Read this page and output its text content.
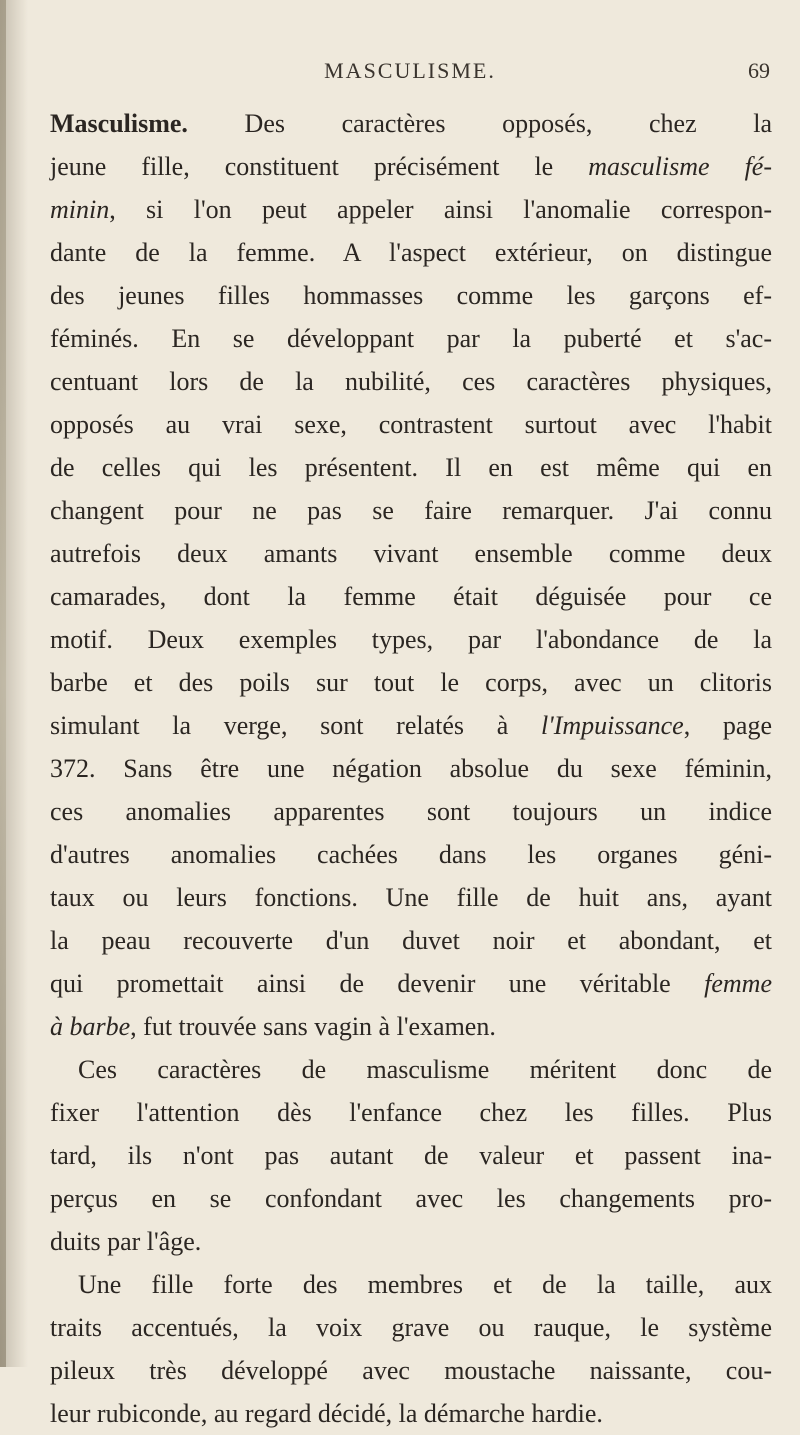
MASCULISME.	69
Masculisme. Des caractères opposés, chez la
jeune fille, constituent précisément le masculisme fé-
minin, si l'on peut appeler ainsi l'anomalie correspon-
dante de la femme. A l'aspect extérieur, on distingue
des jeunes filles hommasses comme les garçons ef-
féminés. En se développant par la puberté et s'ac-
centuant lors de la nubilité, ces caractères physiques,
opposés au vrai sexe, contrastent surtout avec l'habit
de celles qui les présentent. Il en est même qui en
changent pour ne pas se faire remarquer. J'ai connu
autrefois deux amants vivant ensemble comme deux
camarades, dont la femme était déguisée pour ce
motif. Deux exemples types, par l'abondance de la
barbe et des poils sur tout le corps, avec un clitoris
simulant la verge, sont relatés à l'Impuissance, page
372. Sans être une négation absolue du sexe féminin,
ces anomalies apparentes sont toujours un indice
d'autres anomalies cachées dans les organes géni-
taux ou leurs fonctions. Une fille de huit ans, ayant
la peau recouverte d'un duvet noir et abondant, et
qui promettait ainsi de devenir une véritable femme
à barbe, fut trouvée sans vagin à l'examen.
Ces caractères de masculisme méritent donc de
fixer l'attention dès l'enfance chez les filles. Plus
tard, ils n'ont pas autant de valeur et passent ina-
perçus en se confondant avec les changements pro-
duits par l'âge.
Une fille forte des membres et de la taille, aux
traits accentués, la voix grave ou rauque, le système
pileux très développé avec moustache naissante, cou-
leur rubiconde, au regard décidé, la démarche hardie.
